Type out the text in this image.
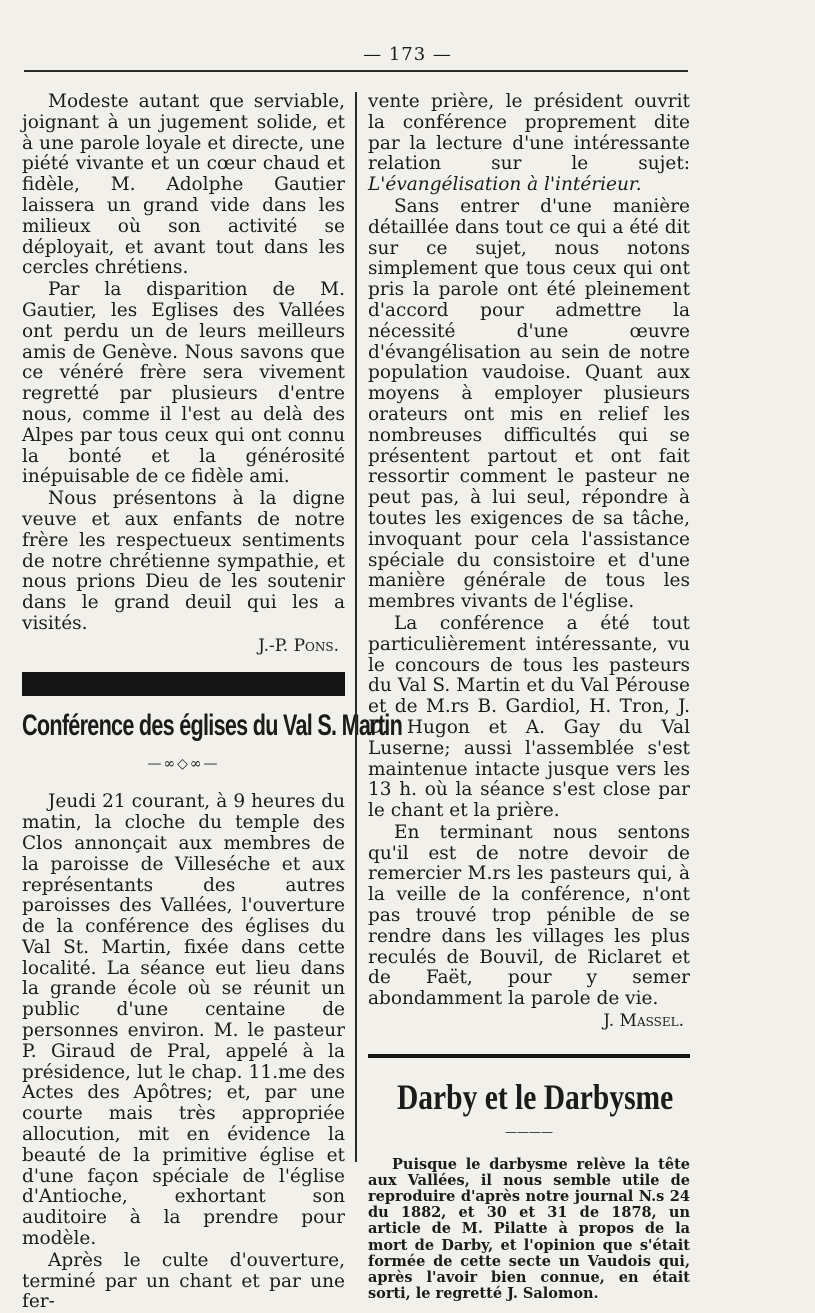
— 173 —

Modeste autant que serviable, joignant à un jugement solide, et à une parole loyale et directe, une piété vivante et un cœur chaud et fidèle, M. Adolphe Gautier laissera un grand vide dans les milieux où son activité se déployait, et avant tout dans les cercles chrétiens.

Par la disparition de M. Gautier, les Eglises des Vallées ont perdu un de leurs meilleurs amis de Genève. Nous savons que ce vénéré frère sera vivement regretté par plusieurs d'entre nous, comme il l'est au delà des Alpes par tous ceux qui ont connu la bonté et la générosité inépuisable de ce fidèle ami.

Nous présentons à la digne veuve et aux enfants de notre frère les respectueux sentiments de notre chrétienne sympathie, et nous prions Dieu de les soutenir dans le grand deuil qui les a visités.

J.-P. Pons.

Conférence des églises du Val S. Martin
—∞◇∞—

Jeudi 21 courant, à 9 heures du matin, la cloche du temple des Clos annonçait aux membres de la paroisse de Villeséche et aux représentants des autres paroisses des Vallées, l'ouverture de la conférence des églises du Val St. Martin, fixée dans cette localité. La séance eut lieu dans la grande école où se réunit un public d'une centaine de personnes environ. M. le pasteur P. Giraud de Pral, appelé à la présidence, lut le chap. 11.me des Actes des Apôtres; et, par une courte mais très appropriée allocution, mit en évidence la beauté de la primitive église et d'une façon spéciale de l'église d'Antioche, exhortant son auditoire à la prendre pour modèle.

Après le culte d'ouverture, terminé par un chant et par une fer-

vente prière, le président ouvrit la conférence proprement dite par la lecture d'une intéressante relation sur le sujet: L'évangélisation à l'intérieur.

Sans entrer d'une manière détaillée dans tout ce qui a été dit sur ce sujet, nous notons simplement que tous ceux qui ont pris la parole ont été pleinement d'accord pour admettre la nécessité d'une œuvre d'évangélisation au sein de notre population vaudoise. Quant aux moyens à employer plusieurs orateurs ont mis en relief les nombreuses difficultés qui se présentent partout et ont fait ressortir comment le pasteur ne peut pas, à lui seul, répondre à toutes les exigences de sa tâche, invoquant pour cela l'assistance spéciale du consistoire et d'une manière générale de tous les membres vivants de l'église.

La conférence a été tout particulièrement intéressante, vu le concours de tous les pasteurs du Val S. Martin et du Val Pérouse et de M.rs B. Gardiol, H. Tron, J. D. Hugon et A. Gay du Val Luserne; aussi l'assemblée s'est maintenue intacte jusque vers les 13 h. où la séance s'est close par le chant et la prière.

En terminant nous sentons qu'il est de notre devoir de remercier M.rs les pasteurs qui, à la veille de la conférence, n'ont pas trouvé trop pénible de se rendre dans les villages les plus reculés de Bouvil, de Riclaret et de Faët, pour y semer abondamment la parole de vie.

J. Massel.

Darby et le Darbysme
————

Puisque le darbysme relève la tête aux Vallées, il nous semble utile de reproduire d'après notre journal N.s 24 du 1882, et 30 et 31 de 1878, un article de M. Pilatte à propos de la mort de Darby, et l'opinion que s'était formée de cette secte un Vaudois qui, après l'avoir bien connue, en était sorti, le regretté J. Salomon.
